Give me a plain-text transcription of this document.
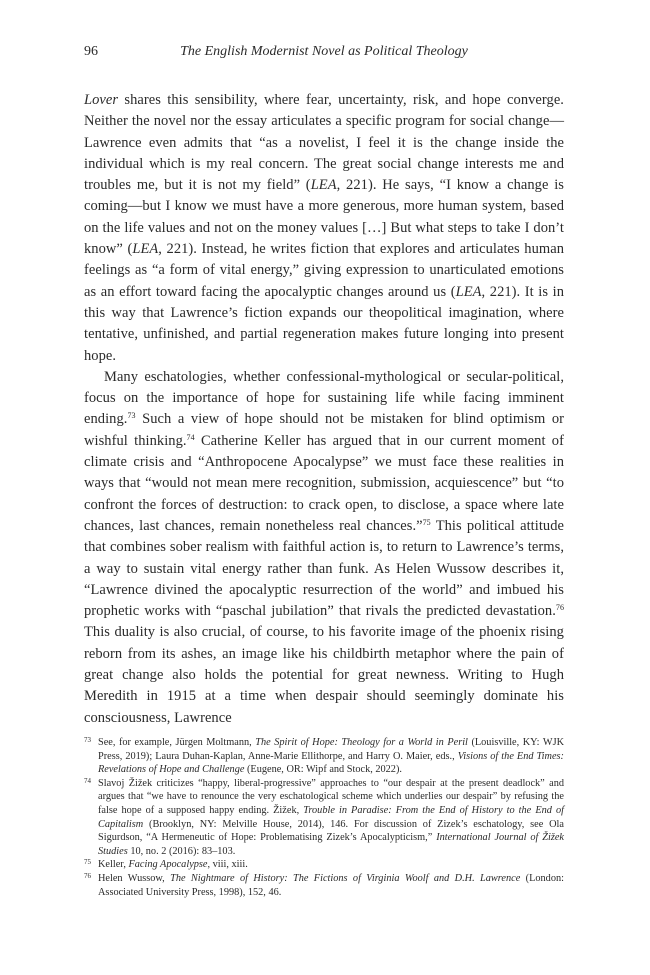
96	The English Modernist Novel as Political Theology

Lover shares this sensibility, where fear, uncertainty, risk, and hope converge. Neither the novel nor the essay articulates a specific program for social change—Lawrence even admits that “as a novelist, I feel it is the change inside the individual which is my real concern. The great social change interests me and troubles me, but it is not my field” (LEA, 221). He says, “I know a change is coming—but I know we must have a more generous, more human system, based on the life values and not on the money values […] But what steps to take I don’t know” (LEA, 221). Instead, he writes fiction that explores and articulates human feelings as “a form of vital energy,” giving expression to unarticulated emotions as an effort toward facing the apocalyptic changes around us (LEA, 221). It is in this way that Lawrence’s fiction expands our theopolitical imagination, where tentative, unfinished, and partial regeneration makes future longing into present hope.

Many eschatologies, whether confessional-mythological or secular-political, focus on the importance of hope for sustaining life while facing imminent ending.$^{73}$ Such a view of hope should not be mistaken for blind optimism or wishful thinking.$^{74}$ Catherine Keller has argued that in our current moment of climate crisis and “Anthropocene Apocalypse” we must face these realities in ways that “would not mean mere recognition, submission, acquiescence” but “to confront the forces of destruction: to crack open, to disclose, a space where late chances, last chances, remain nonetheless real chances.”$^{75}$ This political attitude that combines sober realism with faithful action is, to return to Lawrence’s terms, a way to sustain vital energy rather than funk. As Helen Wussow describes it, “Lawrence divined the apocalyptic resurrection of the world” and imbued his prophetic works with “paschal jubilation” that rivals the predicted devastation.$^{76}$ This duality is also crucial, of course, to his favorite image of the phoenix rising reborn from its ashes, an image like his childbirth metaphor where the pain of great change also holds the potential for great newness. Writing to Hugh Meredith in 1915 at a time when despair should seemingly dominate his consciousness, Lawrence

73 See, for example, Jürgen Moltmann, The Spirit of Hope: Theology for a World in Peril (Louisville, KY: WJK Press, 2019); Laura Duhan-Kaplan, Anne-Marie Ellithorpe, and Harry O. Maier, eds., Visions of the End Times: Revelations of Hope and Challenge (Eugene, OR: Wipf and Stock, 2022).
74 Slavoj Žižek criticizes “happy, liberal-progressive” approaches to “our despair at the present deadlock” and argues that “we have to renounce the very eschatological scheme which underlies our despair” by refusing the false hope of a supposed happy ending. Žižek, Trouble in Paradise: From the End of History to the End of Capitalism (Brooklyn, NY: Melville House, 2014), 146. For discussion of Zizek’s eschatology, see Ola Sigurdson, “A Hermeneutic of Hope: Problematising Zizek’s Apocalypticism,” International Journal of Žižek Studies 10, no. 2 (2016): 83–103.
75 Keller, Facing Apocalypse, viii, xiii.
76 Helen Wussow, The Nightmare of History: The Fictions of Virginia Woolf and D.H. Lawrence (London: Associated University Press, 1998), 152, 46.
